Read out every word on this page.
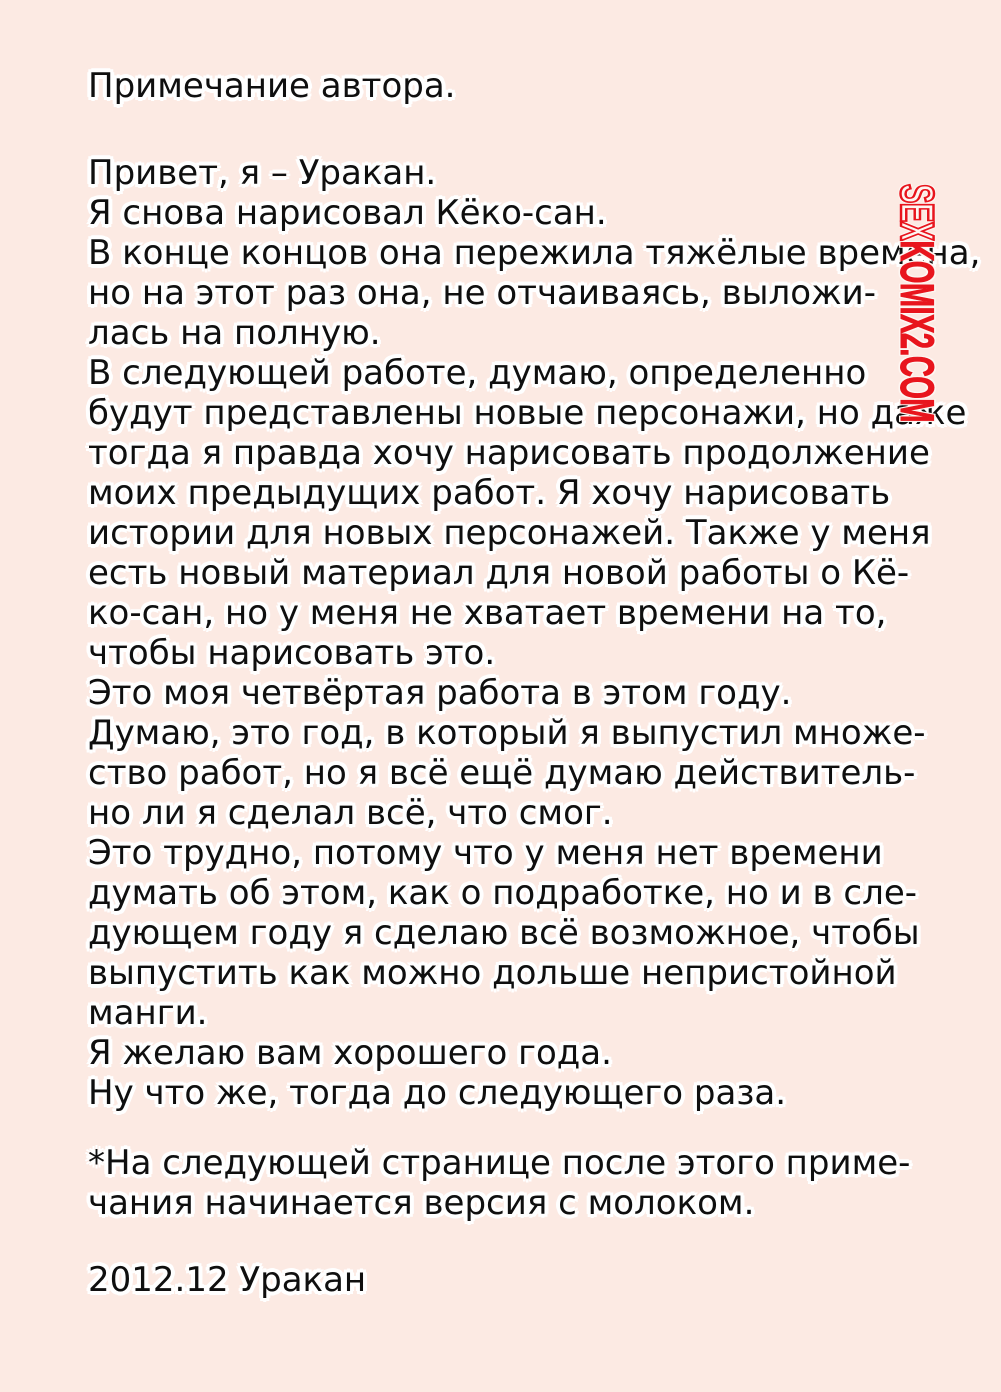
Примечание автора.
Привет, я – Уракан.
Я снова нарисовал Кёко-сан.
В конце концов она пережила тяжёлые времена,
но на этот раз она, не отчаиваясь, выложи-
лась на полную.
В следующей работе, думаю, определенно
будут представлены новые персонажи, но даже
тогда я правда хочу нарисовать продолжение
моих предыдущих работ. Я хочу нарисовать
истории для новых персонажей. Также у меня
есть новый материал для новой работы о Кё-
ко-сан, но у меня не хватает времени на то,
чтобы нарисовать это.
Это моя четвёртая работа в этом году.
Думаю, это год, в который я выпустил множе-
ство работ, но я всё ещё думаю действитель-
но ли я сделал всё, что смог.
Это трудно, потому что у меня нет времени
думать об этом, как о подработке, но и в сле-
дующем году я сделаю всё возможное, чтобы
выпустить как можно дольше непристойной
манги.
Я желаю вам хорошего года.
Ну что же, тогда до следующего раза.
*На следующей странице после этого приме-
чания начинается версия с молоком.
2012.12 Уракан

SEXKOMIX2.COM
